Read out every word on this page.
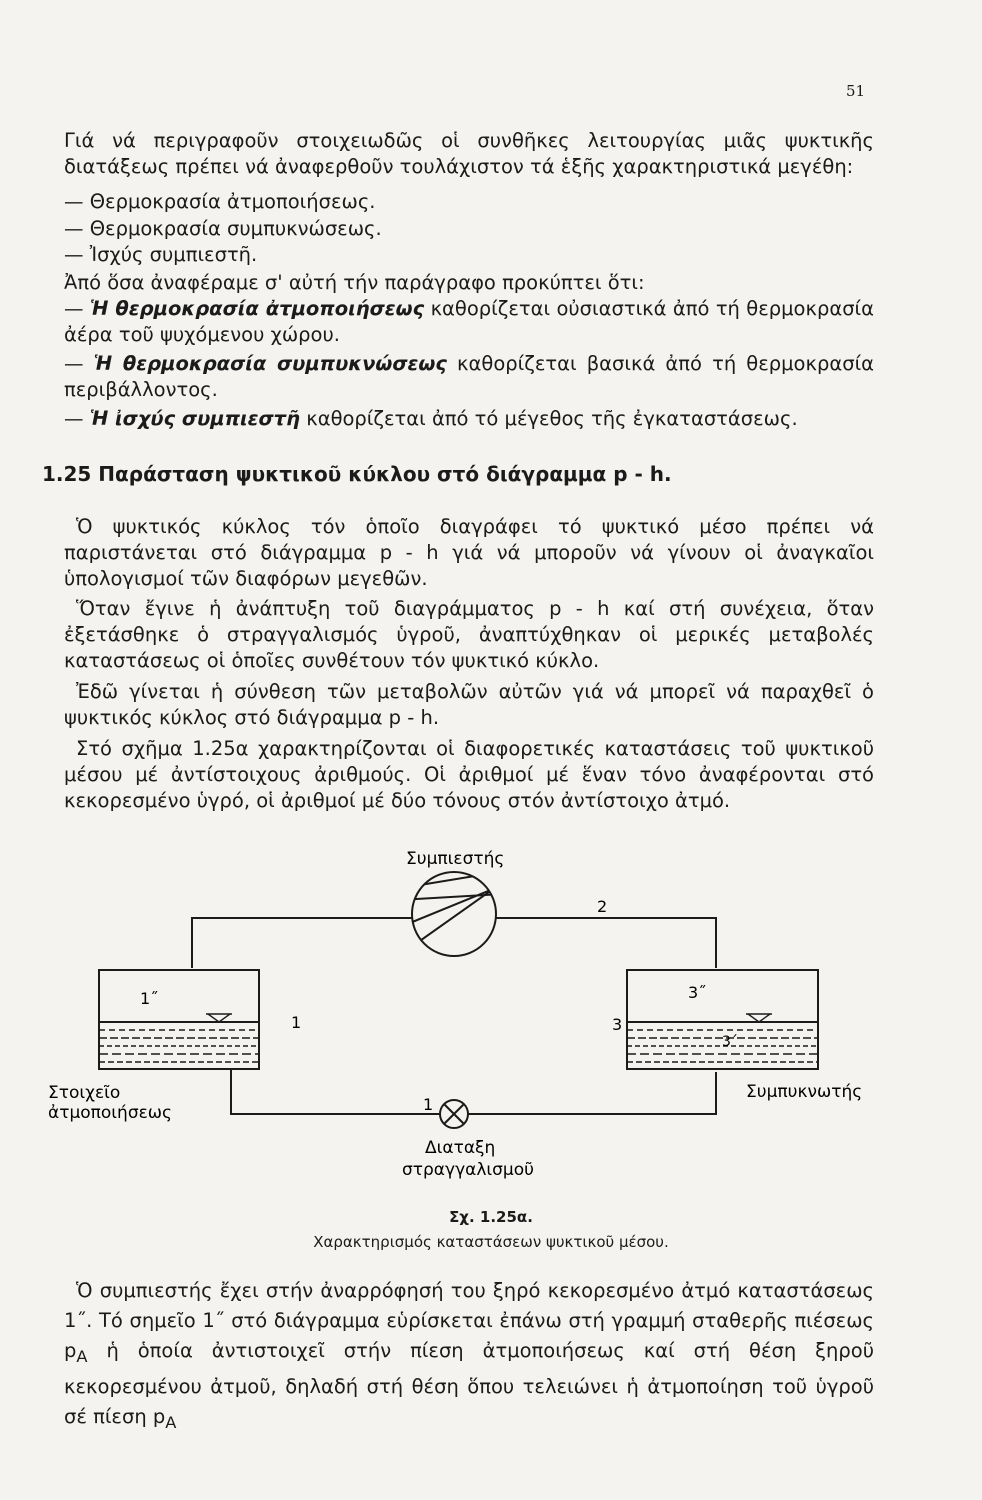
51

Γιά νά περιγραφοῦν στοιχειωδῶς οἱ συνθῆκες λειτουργίας μιᾶς ψυκτικῆς διατάξεως πρέπει νά ἀναφερθοῦν τουλάχιστον τά ἑξῆς χαρακτηριστικά μεγέθη:

— Θερμοκρασία ἀτμοποιήσεως.

— Θερμοκρασία συμπυκνώσεως.

— Ἰσχύς συμπιεστῆ.

Ἀπό ὅσα ἀναφέραμε σ' αὐτή τήν παράγραφο προκύπτει ὅτι:

— Ἡ θερμοκρασία ἀτμοποιήσεως καθορίζεται οὐσιαστικά ἀπό τή θερμοκρασία ἀέρα τοῦ ψυχόμενου χώρου.

— Ἡ θερμοκρασία συμπυκνώσεως καθορίζεται βασικά ἀπό τή θερμοκρασία περιβάλλοντος.

— Ἡ ἰσχύς συμπιεστῆ καθορίζεται ἀπό τό μέγεθος τῆς ἐγκαταστάσεως.

1.25 Παράσταση ψυκτικοῦ κύκλου στό διάγραμμα p - h.

Ὁ ψυκτικός κύκλος τόν ὁποῖο διαγράφει τό ψυκτικό μέσο πρέπει νά παριστάνεται στό διάγραμμα p - h γιά νά μποροῦν νά γίνουν οἱ ἀναγκαῖοι ὑπολογισμοί τῶν διαφόρων μεγεθῶν.

Ὅταν ἔγινε ἡ ἀνάπτυξη τοῦ διαγράμματος p - h καί στή συνέχεια, ὅταν ἐξετάσθηκε ὁ στραγγαλισμός ὑγροῦ, ἀναπτύχθηκαν οἱ μερικές μεταβολές καταστάσεως οἱ ὁποῖες συνθέτουν τόν ψυκτικό κύκλο.

Ἐδῶ γίνεται ἡ σύνθεση τῶν μεταβολῶν αὐτῶν γιά νά μπορεῖ νά παραχθεῖ ὁ ψυκτικός κύκλος στό διάγραμμα p - h.

Στό σχῆμα 1.25α χαρακτηρίζονται οἱ διαφορετικές καταστάσεις τοῦ ψυκτικοῦ μέσου μέ ἀντίστοιχους ἀριθμούς. Οἱ ἀριθμοί μέ ἕναν τόνο ἀναφέρονται στό κεκορεσμένο ὑγρό, οἱ ἀριθμοί μέ δύο τόνους στόν ἀντίστοιχο ἀτμό.

Συμπιεστής
1˝
1
2
3˝
3
3΄
1
Στοιχεῖο
ἀτμοποιήσεως
Συμπυκνωτής
Διαταξη
στραγγαλισμοῦ
Σχ. 1.25α.
Χαρακτηρισμός καταστάσεων ψυκτικοῦ μέσου.

Ὁ συμπιεστής ἔχει στήν ἀναρρόφησή του ξηρό κεκορεσμένο ἀτμό καταστάσεως 1˝. Τό σημεῖο 1˝ στό διάγραμμα εὑρίσκεται ἐπάνω στή γραμμή σταθερῆς πιέσεως $p_A$ ἡ ὁποία ἀντιστοιχεῖ στήν πίεση ἀτμοποιήσεως καί στή θέση ξηροῦ κεκορεσμένου ἀτμοῦ, δηλαδή στή θέση ὅπου τελειώνει ἡ ἀτμοποίηση τοῦ ὑγροῦ σέ πίεση $p_A$
